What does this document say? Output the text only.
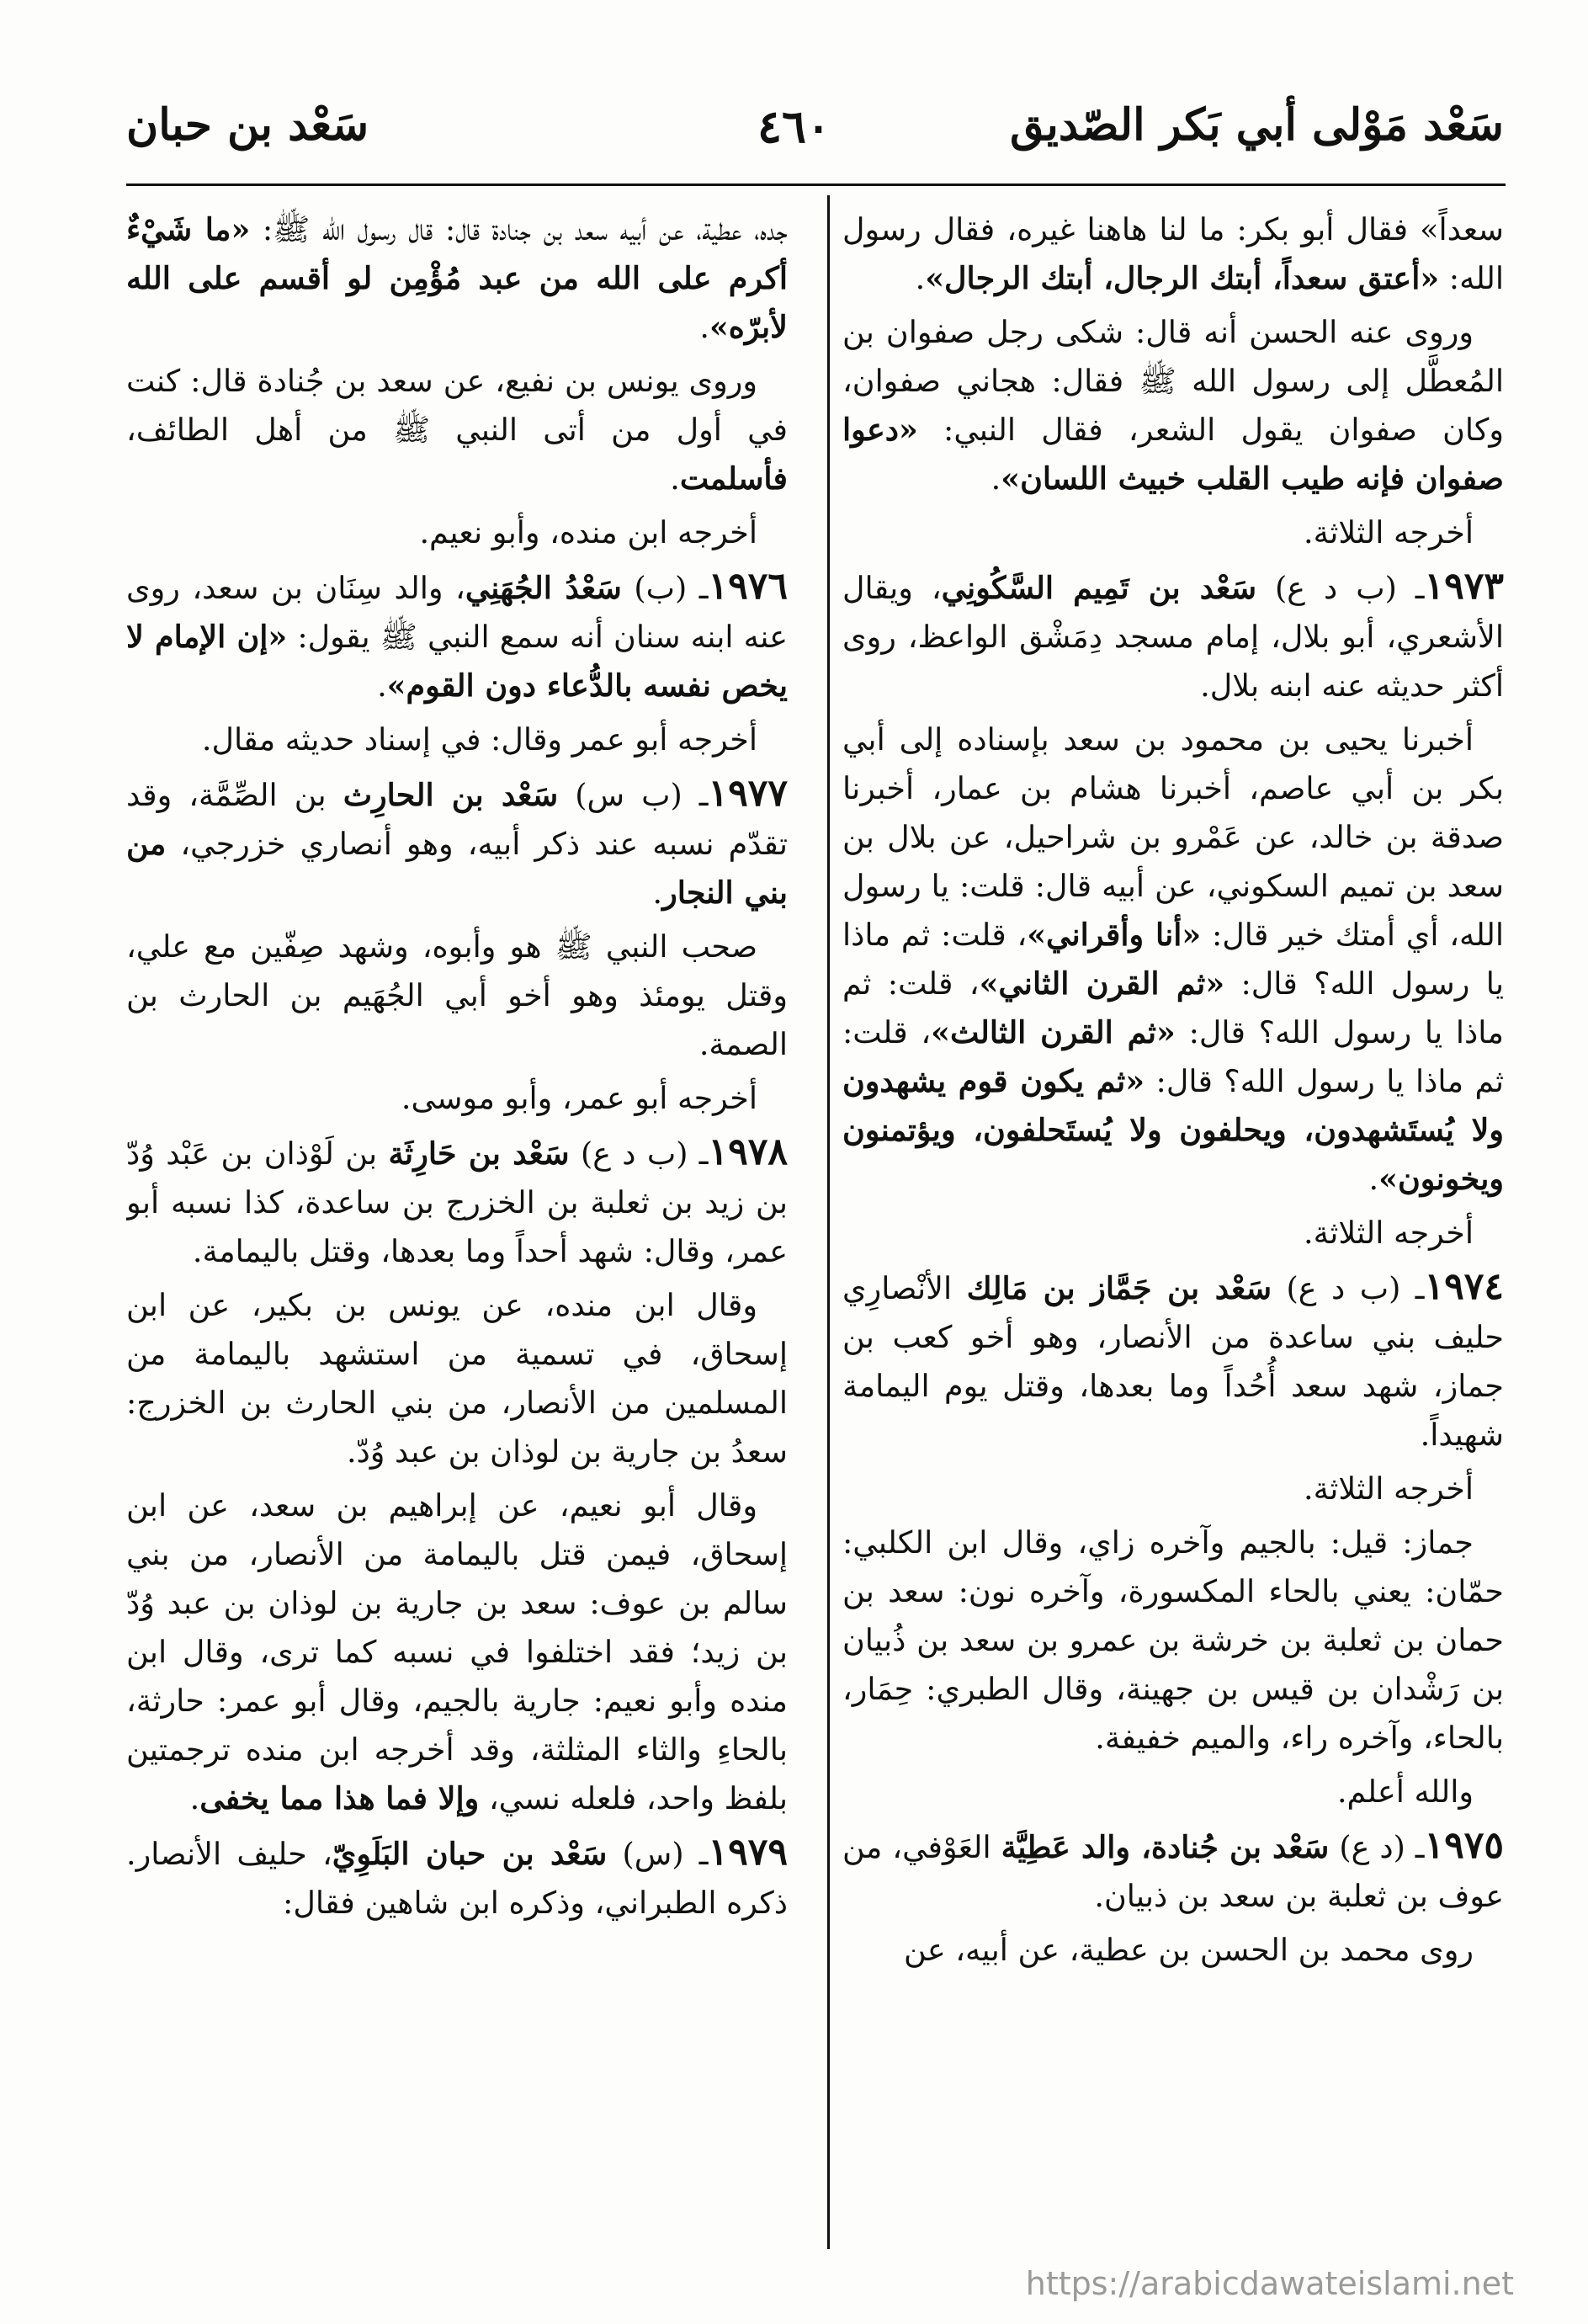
سَعْد مَوْلى أبي بَكر الصّديق
٤٦٠
سَعْد بن حبان

سعداً» فقال أبو بكر: ما لنا هاهنا غيره، فقال رسول الله: «أعتق سعداً، أبتك الرجال، أبتك الرجال».

وروى عنه الحسن أنه قال: شكى رجل صفوان بن المُعطَّل إلى رسول الله ﷺ فقال: هجاني صفوان، وكان صفوان يقول الشعر، فقال النبي: «دعوا صفوان فإنه طيب القلب خبيث اللسان».

أخرجه الثلاثة.

١٩٧٣ـ (ب د ع) سَعْد بن تَمِيم السَّكُونِي، ويقال الأشعري، أبو بلال، إمام مسجد دِمَشْق الواعظ، روى أكثر حديثه عنه ابنه بلال.

أخبرنا يحيى بن محمود بن سعد بإسناده إلى أبي بكر بن أبي عاصم، أخبرنا هشام بن عمار، أخبرنا صدقة بن خالد، عن عَمْرو بن شراحيل، عن بلال بن سعد بن تميم السكوني، عن أبيه قال: قلت: يا رسول الله، أي أمتك خير قال: «أنا وأقراني»، قلت: ثم ماذا يا رسول الله؟ قال: «ثم القرن الثاني»، قلت: ثم ماذا يا رسول الله؟ قال: «ثم القرن الثالث»، قلت: ثم ماذا يا رسول الله؟ قال: «ثم يكون قوم يشهدون ولا يُستَشهدون، ويحلفون ولا يُستَحلفون، ويؤتمنون ويخونون».

أخرجه الثلاثة.

١٩٧٤ـ (ب د ع) سَعْد بن جَمَّاز بن مَالِك الأنْصارِي حليف بني ساعدة من الأنصار، وهو أخو كعب بن جماز، شهد سعد أُحُداً وما بعدها، وقتل يوم اليمامة شهيداً.

أخرجه الثلاثة.

جماز: قيل: بالجيم وآخره زاي، وقال ابن الكلبي: حمّان: يعني بالحاء المكسورة، وآخره نون: سعد بن حمان بن ثعلبة بن خرشة بن عمرو بن سعد بن ذُبيان بن رَشْدان بن قيس بن جهينة، وقال الطبري: حِمَار، بالحاء، وآخره راء، والميم خفيفة.

والله أعلم.

١٩٧٥ـ (د ع) سَعْد بن جُنادة، والد عَطِيَّة العَوْفي، من عوف بن ثعلبة بن سعد بن ذبيان.

روى محمد بن الحسن بن عطية، عن أبيه، عن

جده، عطية، عن أبيه سعد بن جنادة قال: قال رسول الله ﷺ: «ما شَيْءٌ أكرم على الله من عبد مُؤْمِن لو أقسم على الله لأبرّه».

وروى يونس بن نفيع، عن سعد بن جُنادة قال: كنت في أول من أتى النبي ﷺ من أهل الطائف، فأسلمت.

أخرجه ابن منده، وأبو نعيم.

١٩٧٦ـ (ب) سَعْدُ الجُهَنِي، والد سِنَان بن سعد، روى عنه ابنه سنان أنه سمع النبي ﷺ يقول: «إن الإمام لا يخص نفسه بالدُّعاء دون القوم».

أخرجه أبو عمر وقال: في إسناد حديثه مقال.

١٩٧٧ـ (ب س) سَعْد بن الحارِث بن الصِّمَّة، وقد تقدّم نسبه عند ذكر أبيه، وهو أنصاري خزرجي، من بني النجار.

صحب النبي ﷺ هو وأبوه، وشهد صِفّين مع علي، وقتل يومئذ وهو أخو أبي الجُهَيم بن الحارث بن الصمة.

أخرجه أبو عمر، وأبو موسى.

١٩٧٨ـ (ب د ع) سَعْد بن حَارِثَة بن لَوْذان بن عَبْد وُدّ بن زيد بن ثعلبة بن الخزرج بن ساعدة، كذا نسبه أبو عمر، وقال: شهد أحداً وما بعدها، وقتل باليمامة.

وقال ابن منده، عن يونس بن بكير، عن ابن إسحاق، في تسمية من استشهد باليمامة من المسلمين من الأنصار، من بني الحارث بن الخزرج: سعدُ بن جارية بن لوذان بن عبد وُدّ.

وقال أبو نعيم، عن إبراهيم بن سعد، عن ابن إسحاق، فيمن قتل باليمامة من الأنصار، من بني سالم بن عوف: سعد بن جارية بن لوذان بن عبد وُدّ بن زيد؛ فقد اختلفوا في نسبه كما ترى، وقال ابن منده وأبو نعيم: جارية بالجيم، وقال أبو عمر: حارثة، بالحاءِ والثاء المثلثة، وقد أخرجه ابن منده ترجمتين بلفظ واحد، فلعله نسي، وإلا فما هذا مما يخفى.

١٩٧٩ـ (س) سَعْد بن حبان البَلَوِيّ، حليف الأنصار. ذكره الطبراني، وذكره ابن شاهين فقال:

https://arabicdawateislami.net
